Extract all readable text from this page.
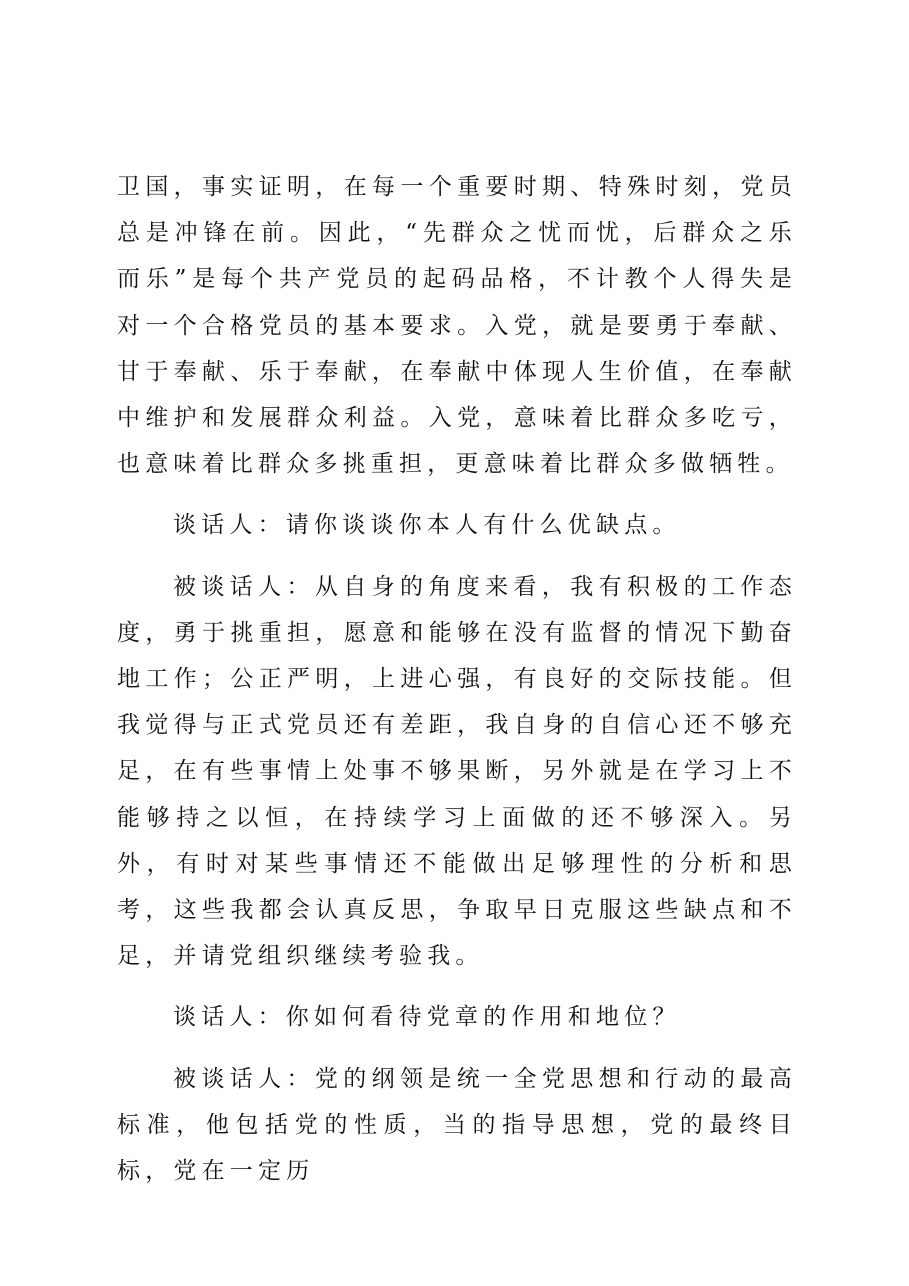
卫国，事实证明，在每一个重要时期、特殊时刻，党员总是冲锋在前。因此，“先群众之忧而忧，后群众之乐而乐”是每个共产党员的起码品格，不计教个人得失是对一个合格党员的基本要求。入党，就是要勇于奉献、甘于奉献、乐于奉献，在奉献中体现人生价值，在奉献中维护和发展群众利益。入党，意味着比群众多吃亏，也意味着比群众多挑重担，更意味着比群众多做牺牲。

谈话人：请你谈谈你本人有什么优缺点。

被谈话人：从自身的角度来看，我有积极的工作态度，勇于挑重担，愿意和能够在没有监督的情况下勤奋地工作；公正严明，上进心强，有良好的交际技能。但我觉得与正式党员还有差距，我自身的自信心还不够充足，在有些事情上处事不够果断，另外就是在学习上不能够持之以恒，在持续学习上面做的还不够深入。另外，有时对某些事情还不能做出足够理性的分析和思考，这些我都会认真反思，争取早日克服这些缺点和不足，并请党组织继续考验我。

谈话人：你如何看待党章的作用和地位？

被谈话人：党的纲领是统一全党思想和行动的最高标准，他包括党的性质，当的指导思想，党的最终目标，党在一定历
